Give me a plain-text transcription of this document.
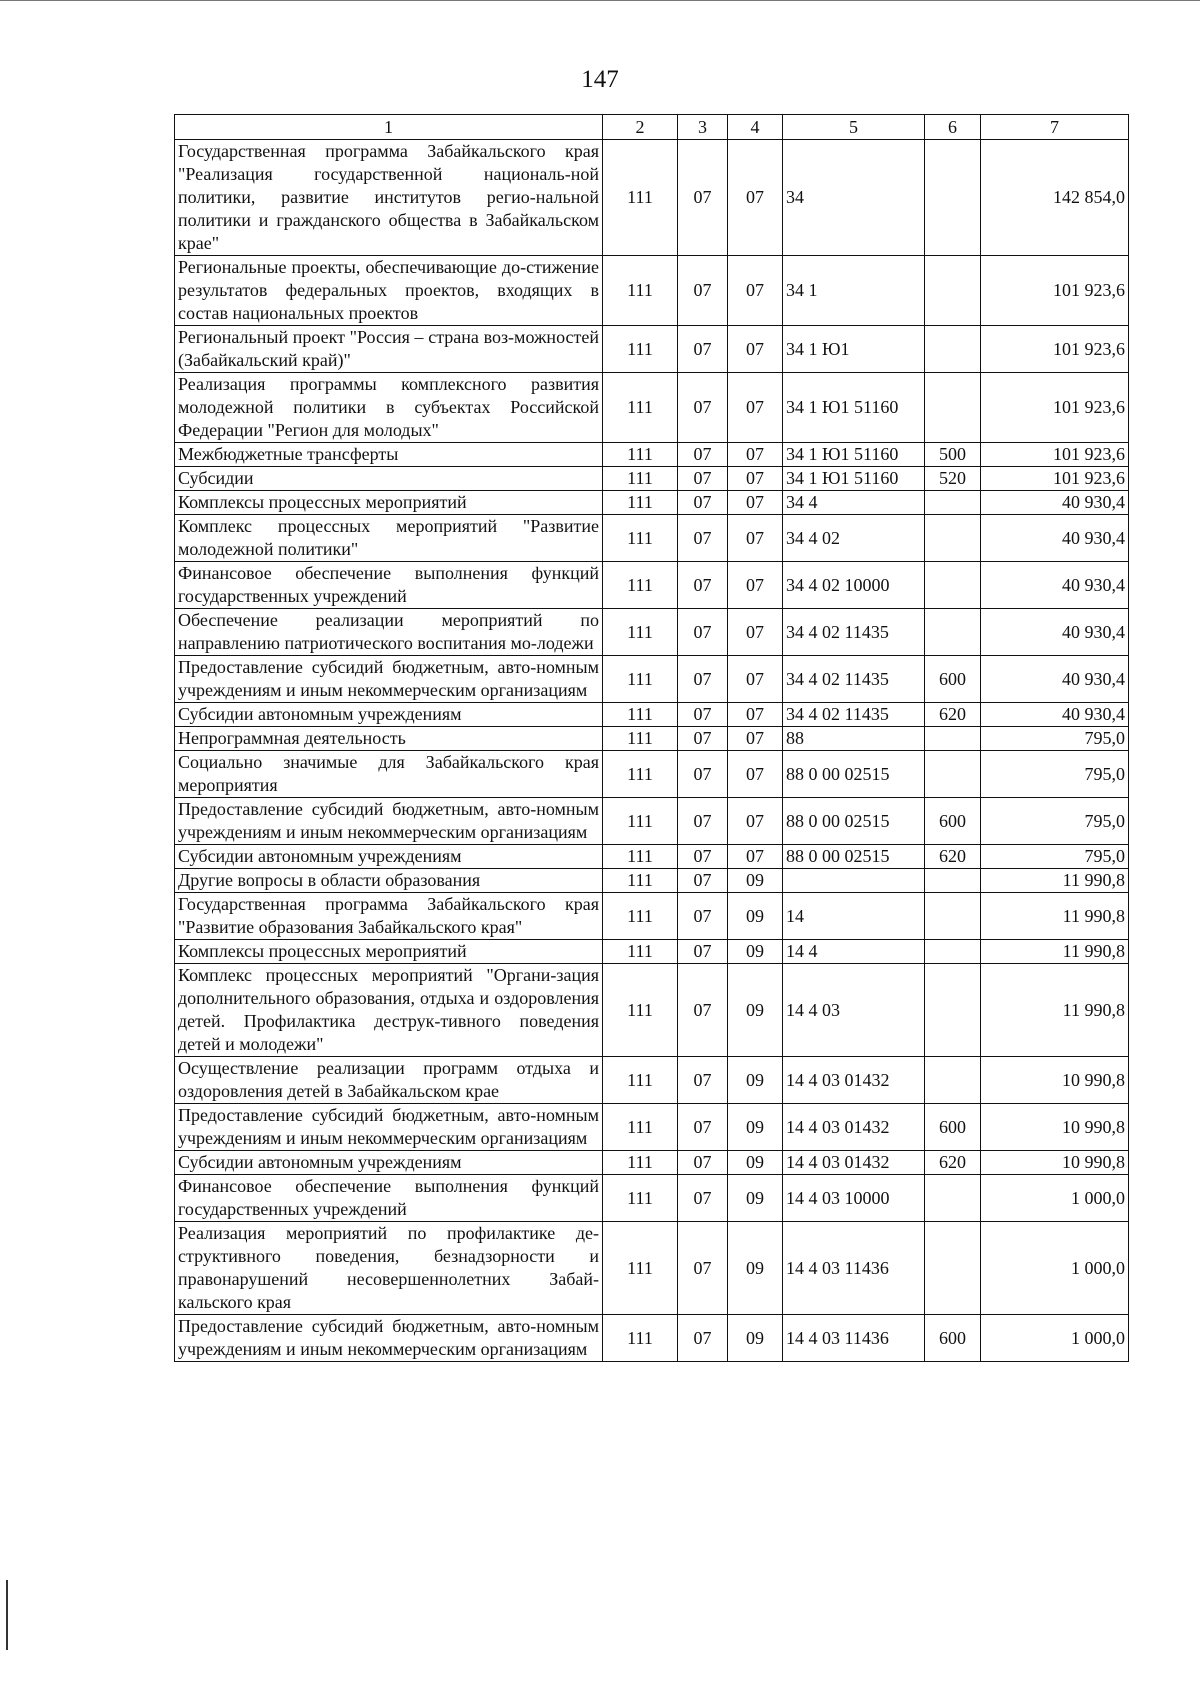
147
1	2	3	4	5	6	7
Государственная программа Забайкальского края "Реализация государственной националь-ной политики, развитие институтов регио-нальной политики и гражданского общества в Забайкальском крае"	111	07	07	34		142 854,0
Региональные проекты, обеспечивающие до-стижение результатов федеральных проектов, входящих в состав национальных проектов	111	07	07	34 1		101 923,6
Региональный проект "Россия – страна воз-можностей (Забайкальский край)"	111	07	07	34 1 Ю1		101 923,6
Реализация программы комплексного развития молодежной политики в субъектах Российской Федерации "Регион для молодых"	111	07	07	34 1 Ю1 51160		101 923,6
Межбюджетные трансферты	111	07	07	34 1 Ю1 51160	500	101 923,6
Субсидии	111	07	07	34 1 Ю1 51160	520	101 923,6
Комплексы процессных мероприятий	111	07	07	34 4		40 930,4
Комплекс процессных мероприятий "Развитие молодежной политики"	111	07	07	34 4 02		40 930,4
Финансовое обеспечение выполнения функций государственных учреждений	111	07	07	34 4 02 10000		40 930,4
Обеспечение реализации мероприятий по направлению патриотического воспитания мо-лодежи	111	07	07	34 4 02 11435		40 930,4
Предоставление субсидий бюджетным, авто-номным учреждениям и иным некоммерческим организациям	111	07	07	34 4 02 11435	600	40 930,4
Субсидии автономным учреждениям	111	07	07	34 4 02 11435	620	40 930,4
Непрограммная деятельность	111	07	07	88		795,0
Социально значимые для Забайкальского края мероприятия	111	07	07	88 0 00 02515		795,0
Предоставление субсидий бюджетным, авто-номным учреждениям и иным некоммерческим организациям	111	07	07	88 0 00 02515	600	795,0
Субсидии автономным учреждениям	111	07	07	88 0 00 02515	620	795,0
Другие вопросы в области образования	111	07	09			11 990,8
Государственная программа Забайкальского края "Развитие образования Забайкальского края"	111	07	09	14		11 990,8
Комплексы процессных мероприятий	111	07	09	14 4		11 990,8
Комплекс процессных мероприятий "Органи-зация дополнительного образования, отдыха и оздоровления детей. Профилактика деструк-тивного поведения детей и молодежи"	111	07	09	14 4 03		11 990,8
Осуществление реализации программ отдыха и оздоровления детей в Забайкальском крае	111	07	09	14 4 03 01432		10 990,8
Предоставление субсидий бюджетным, авто-номным учреждениям и иным некоммерческим организациям	111	07	09	14 4 03 01432	600	10 990,8
Субсидии автономным учреждениям	111	07	09	14 4 03 01432	620	10 990,8
Финансовое обеспечение выполнения функций государственных учреждений	111	07	09	14 4 03 10000		1 000,0
Реализация мероприятий по профилактике де-структивного поведения, безнадзорности и правонарушений несовершеннолетних Забай-кальского края	111	07	09	14 4 03 11436		1 000,0
Предоставление субсидий бюджетным, авто-номным учреждениям и иным некоммерческим организациям	111	07	09	14 4 03 11436	600	1 000,0
